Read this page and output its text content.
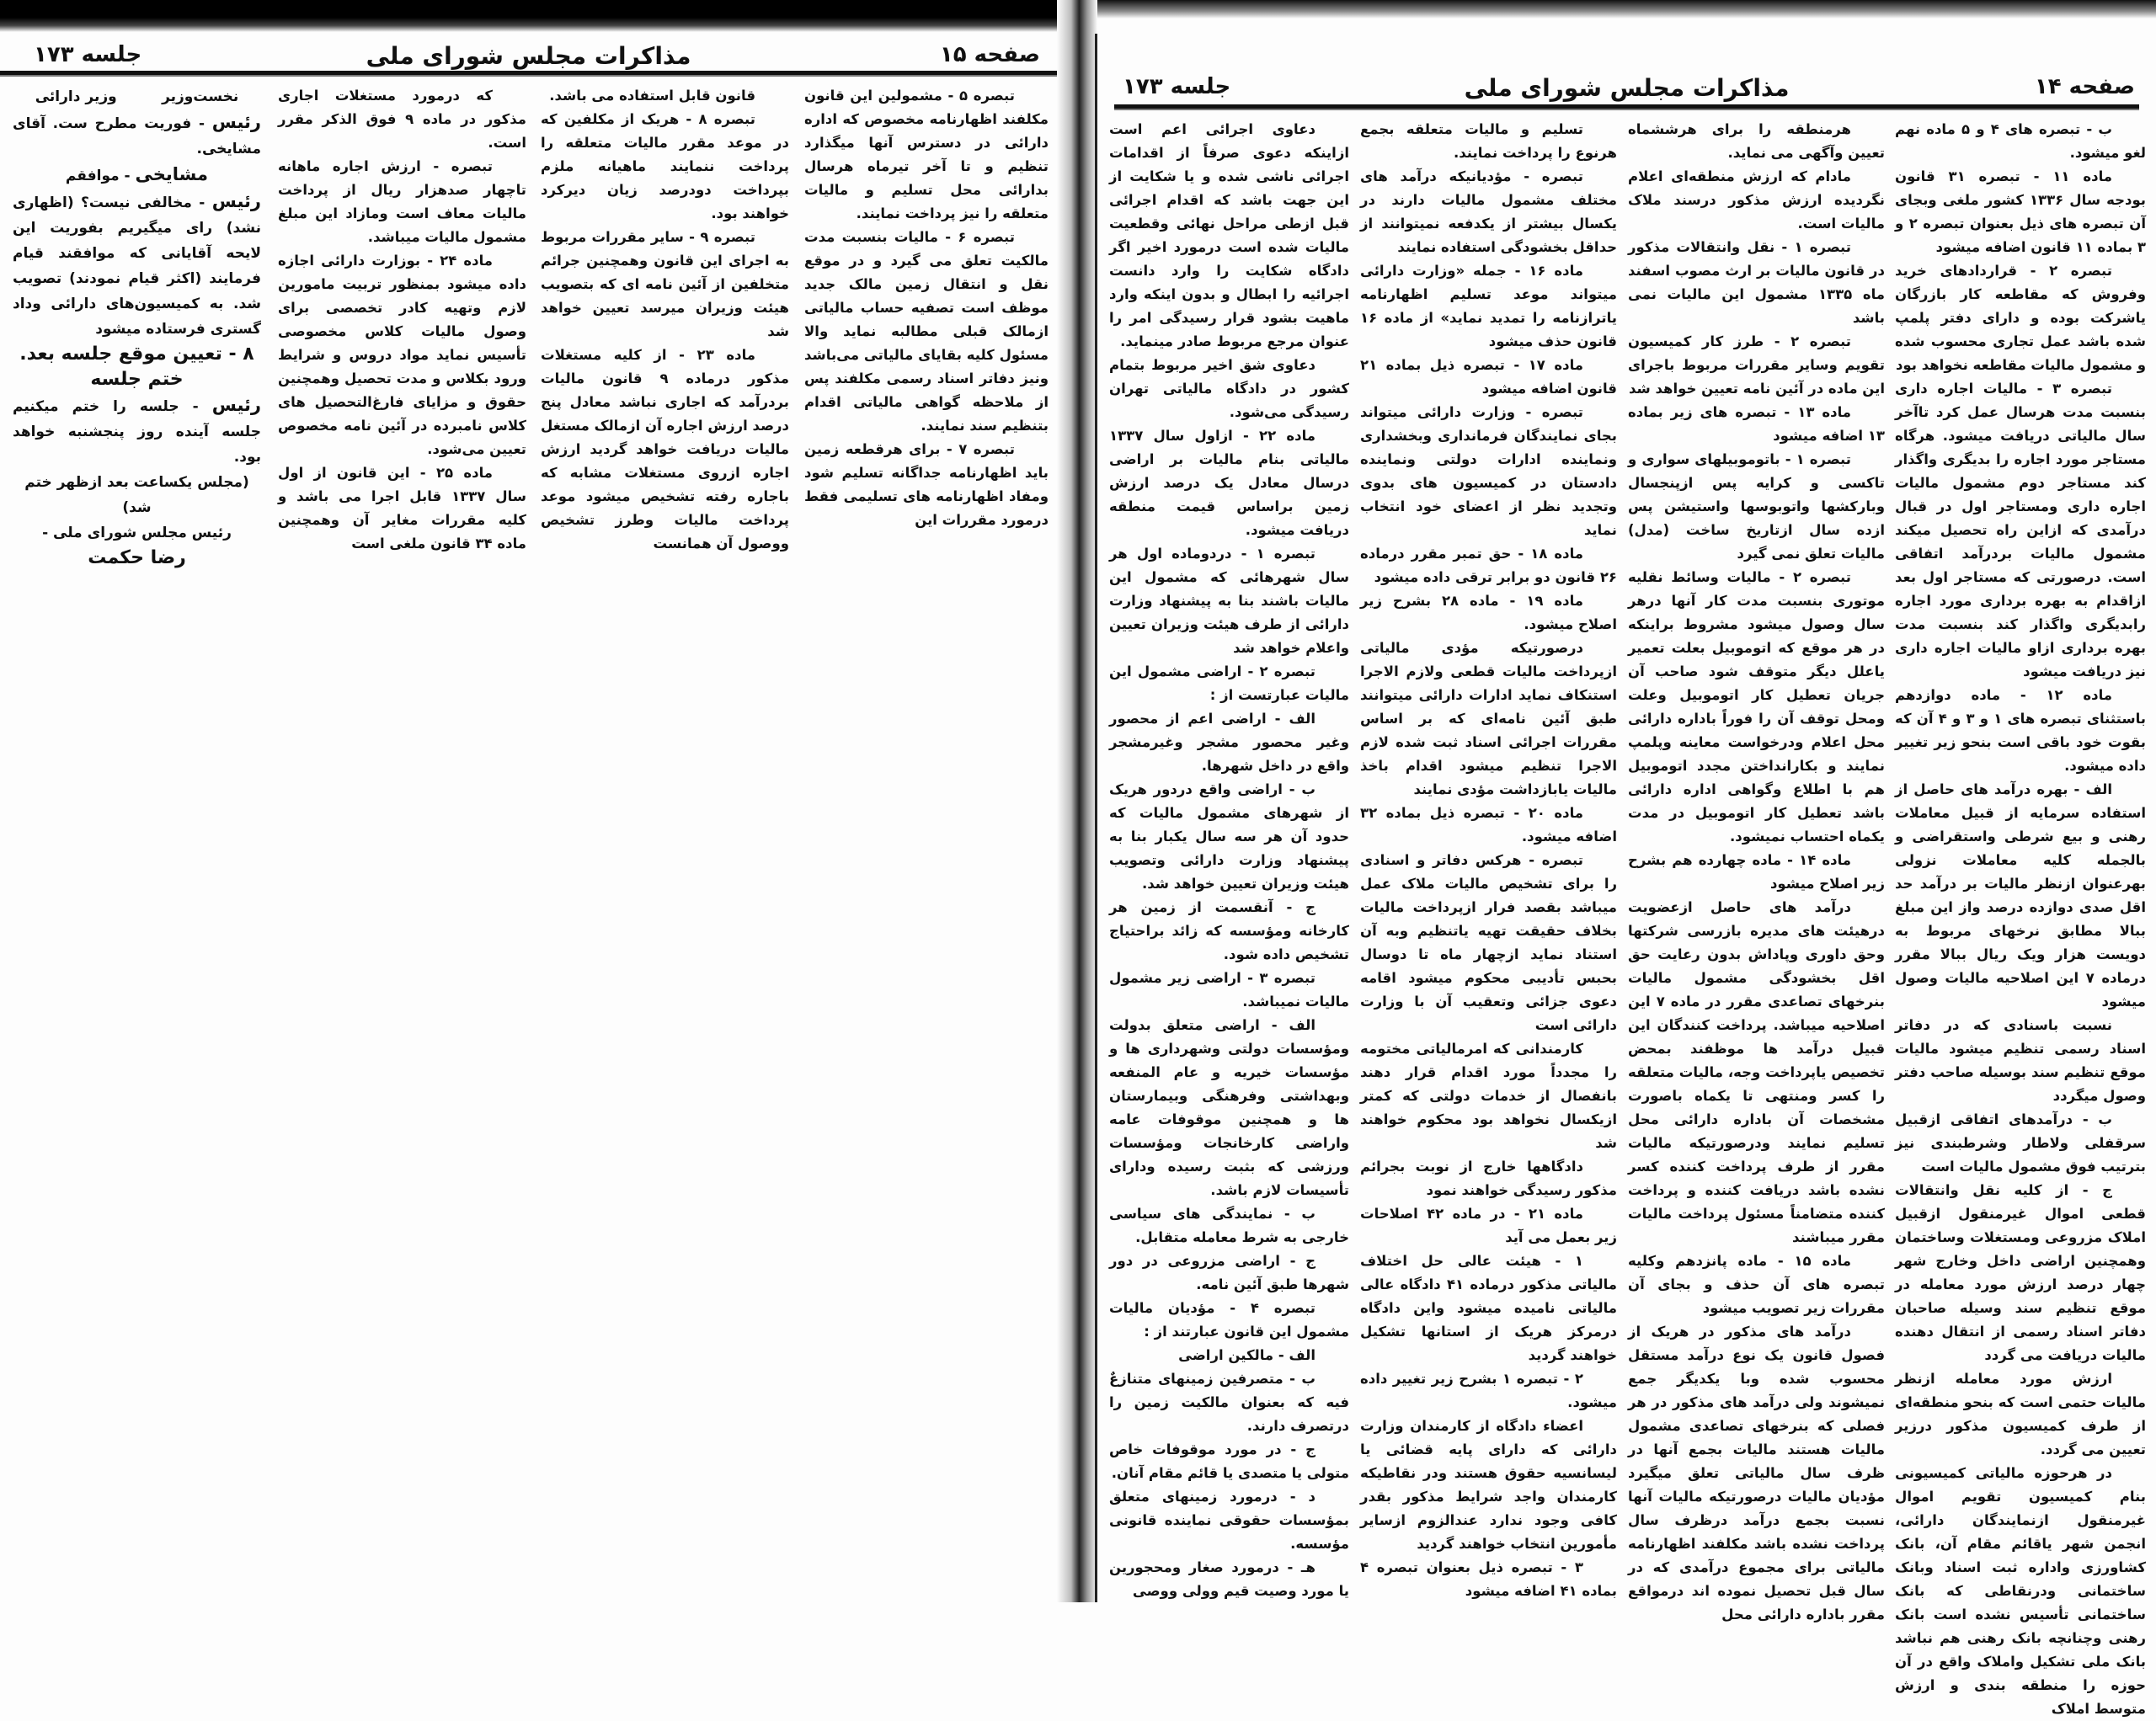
صفحه ۱۵
مذاکرات مجلس شورای ملی
جلسه ۱۷۳

تبصره ۵ - مشمولین این قانون مکلفند اظهارنامه مخصوص که اداره دارائی در دسترس آنها میگذارد تنظیم و تا آخر تیرماه هرسال بدارائی محل تسلیم و مالیات متعلقه را نیز پرداخت نمایند.

تبصره ۶ - مالیات بنسبت مدت مالکیت تعلق می گیرد و در موقع نقل و انتقال زمین مالک جدید موظف است تصفیه حساب مالیاتی ازمالک قبلی مطالبه نماید والا مسئول کلیه بقایای مالیاتی می‌باشد ونیز دفاتر اسناد رسمی مکلفند پس از ملاحظه گواهی مالیاتی اقدام بتنظیم سند نمایند.

تبصره ۷ - برای هرقطعه زمین باید اظهارنامه جداگانه تسلیم شود ومفاد اظهارنامه های تسلیمی فقط درمورد مقررات این

قانون قابل استفاده می باشد.

تبصره ۸ - هریک از مکلفین که در موعد مقرر مالیات متعلقه را پرداخت ننمایند ماهیانه ملزم بپرداخت دودرصد زیان دیرکرد خواهند بود.

تبصره ۹ - سایر مقررات مربوط به اجرای این قانون وهمچنین جرائم متخلفین از آئین نامه ای که بتصویب هیئت وزیران میرسد تعیین خواهد شد

ماده ۲۳ - از کلیه مستغلات مذکور درماده ۹ قانون مالیات بردرآمد که اجاری نباشد معادل پنج درصد ارزش اجاره آن ازمالک مستغل مالیات دریافت خواهد گردید ارزش اجاره ازروی مستغلات مشابه که باجاره رفته تشخیص میشود موعد پرداخت مالیات وطرز تشخیص ووصول آن همانست

که درمورد مستغلات اجاری مذکور در ماده ۹ فوق الذکر مقرر است.

تبصره - ارزش اجاره ماهانه تاچهار صدهزار ریال از پرداخت مالیات معاف است ومازاد این مبلغ مشمول مالیات میباشد.

ماده ۲۴ - بوزارت دارائی اجازه داده میشود بمنظور تربیت مامورین لازم وتهیه کادر تخصصی برای وصول مالیات کلاس مخصوصی تأسیس نماید مواد دروس و شرایط ورود بکلاس و مدت تحصیل وهمچنین حقوق و مزایای فارغ‌التحصیل های کلاس نامبرده در آئین نامه مخصوص تعیین می‌شود.

ماده ۲۵ - این قانون از اول سال ۱۳۳۷ قابل اجرا می باشد و کلیه مقررات مغایر آن وهمچنین ماده ۳۴ قانون ملغی است

نخست‌وزیر
وزیر دارائی

رئیس - فوریت مطرح ست. آقای مشایخی.

مشایخی - موافقم

رئیس - مخالفی نیست؟ (اظهاری نشد) رای میگیریم بفوریت این لایحه آقایانی که موافقند قیام فرمایند (اکثر قیام نمودند) تصویب شد. به کمیسیون‌های دارائی وداد گستری فرستاده میشود

۸ - تعیین موقع جلسه بعد.

ختم جلسه

رئیس - جلسه را ختم میکنیم جلسه آینده روز پنجشنبه خواهد بود.

(مجلس یکساعت بعد ازظهر ختم شد)

رئیس مجلس شورای ملی -

رضا حکمت

صفحه ۱۴
مذاکرات مجلس شورای ملی
جلسه ۱۷۳

ب - تبصره های ۴ و ۵ ماده نهم لغو میشود.

ماده ۱۱ - تبصره ۳۱ قانون بودجه سال ۱۳۳۶ کشور ملغی وبجای آن تبصره های ذیل بعنوان تبصره ۲ و ۳ بماده ۱۱ قانون اضافه میشود

تبصره ۲ - قراردادهای خرید وفروش که مقاطعه کار بازرگان یاشرکت بوده و دارای دفتر پلمپ شده باشد عمل تجاری محسوب شده و مشمول مالیات مقاطعه نخواهد بود

تبصره ۳ - مالیات اجاره داری بنسبت مدت هرسال عمل کرد تاآخر سال مالیاتی دریافت میشود. هرگاه مستاجر مورد اجاره را بدیگری واگذار کند مستاجر دوم مشمول مالیات اجاره داری ومستاجر اول در قبال درآمدی که ازاین راه تحصیل میکند مشمول مالیات بردرآمد اتفاقی است. درصورتی که مستاجر اول بعد ازاقدام به بهره برداری مورد اجاره رابدیگری واگذار کند بنسبت مدت بهره برداری ازاو مالیات اجاره داری نیز دریافت میشود

ماده ۱۲ - ماده دوازدهم باستثنای تبصره های ۱ و ۳ و ۴ آن که بقوت خود باقی است بنحو زیر تغییر داده میشود.

الف - بهره درآمد های حاصل از استفاده سرمایه از قبیل معاملات رهنی و بیع شرطی واستقراضی و بالجمله کلیه معاملات نزولی بهرعنوان ازنظر مالیات بر درآمد حد اقل صدی دوازده درصد واز این مبلغ ببالا مطابق نرخهای مربوط به دویست هزار ویک ریال ببالا مقرر درماده ۷ این اصلاحیه مالیات وصول میشود

نسبت باسنادی که در دفاتر اسناد رسمی تنظیم میشود مالیات موقع تنظیم سند بوسیله صاحب دفتر وصول میگردد

ب - درآمدهای اتفاقی ازقبیل سرقفلی ولاطار وشرطبندی نیز بترتیب فوق مشمول مالیات است

ج - از کلیه نقل وانتقالات قطعی اموال غیرمنقول ازقبیل املاک مزروعی ومستغلات وساختمان وهمچنین اراضی داخل وخارج شهر چهار درصد ارزش مورد معامله در موقع تنظیم سند وسیله صاحبان دفاتر اسناد رسمی از انتقال دهنده مالیات دریافت می گردد

ارزش مورد معامله ازنظر مالیات حتمی است که بنحو منطقه‌ای از طرف کمیسیون مذکور درزیر تعیین می گردد.

در هرحوزه مالیاتی کمیسیونی بنام کمیسیون تقویم اموال غیرمنقول ازنمایندگان دارائی، انجمن شهر یاقائم مقام آن، بانک کشاورزی واداره ثبت اسناد وبانک ساختمانی ودرنقاطی که بانک ساختمانی تأسیس نشده است بانک رهنی وچنانچه بانک رهنی هم نباشد بانک ملی تشکیل واملاک واقع در آن حوزه را منطقه بندی و ارزش متوسط املاک

هرمنطقه را برای هرششماه تعیین وآگهی می نماید.

مادام که ارزش منطقه‌ای اعلام نگردیده ارزش مذکور درسند ملاک مالیات است.

تبصره ۱ - نقل وانتقالات مذکور در قانون مالیات بر ارث مصوب اسفند ماه ۱۳۳۵ مشمول این مالیات نمی باشد

تبصره ۲ - طرز کار کمیسیون تقویم وسایر مقررات مربوط باجرای این ماده در آئین نامه تعیین خواهد شد

ماده ۱۳ - تبصره های زیر بماده ۱۳ اضافه میشود

تبصره ۱ - باتوموبیلهای سواری و تاکسی و کرایه پس ازپنجسال وبارکشها واتوبوسها واستیشن پس ازده سال ازتاریخ ساخت (مدل) مالیات تعلق نمی گیرد

تبصره ۲ - مالیات وسائط نقلیه موتوری بنسبت مدت کار آنها درهر سال وصول میشود مشروط براینکه در هر موقع که اتوموبیل بعلت تعمیر یاعلل دیگر متوقف شود صاحب آن جریان تعطیل کار اتوموبیل وعلت ومحل توقف آن را فوراً باداره دارائی محل اعلام ودرخواست معاینه وپلمپ نمایند و بکارانداختن مجدد اتوموبیل هم با اطلاع وگواهی اداره دارائی باشد تعطیل کار اتوموبیل در مدت یکماه احتساب نمیشود.

ماده ۱۴ - ماده چهارده هم بشرح زیر اصلاح میشود

درآمد های حاصل ازعضویت درهیئت های مدیره بازرسی شرکتها وحق داوری وپاداش بدون رعایت حق اقل بخشودگی مشمول مالیات بنرخهای تصاعدی مقرر در ماده ۷ این اصلاحیه میباشد. پرداخت کنندگان این قبیل درآمد ها موظفند بمحض تخصیص یاپرداخت وجه، مالیات متعلقه را کسر ومنتهی تا یکماه باصورت مشخصات آن باداره دارائی محل تسلیم نمایند ودرصورتیکه مالیات مقرر از طرف پرداخت کننده کسر نشده باشد دریافت کننده و پرداخت کننده متضامناً مسئول پرداخت مالیات مقرر میباشند

ماده ۱۵ - ماده پانزدهم وکلیه تبصره های آن حذف و بجای آن مقررات زیر تصویب میشود

درآمد های مذکور در هریک از فصول قانون یک نوع درآمد مستقل محسوب شده وبا یکدیگر جمع نمیشوند ولی درآمد های مذکور در هر فصلی که بنرخهای تصاعدی مشمول مالیات هستند مالیات بجمع آنها در ظرف سال مالیاتی تعلق میگیرد مؤدیان مالیات درصورتیکه مالیات آنها نسبت بجمع درآمد درظرف سال پرداخت نشده باشد مکلفند اظهارنامه مالیاتی برای مجموع درآمدی که در سال قبل تحصیل نموده اند درمواقع مقرر باداره دارائی محل

تسلیم و مالیات متعلقه بجمع هرنوع را پرداخت نمایند.

تبصره - مؤدیانیکه درآمد های مختلف مشمول مالیات دارند در یکسال بیشتر از یکدفعه نمیتوانند از حداقل بخشودگی استفاده نمایند

ماده ۱۶ - جمله «وزارت دارائی میتواند موعد تسلیم اظهارنامه یاترازنامه را تمدید نماید» از ماده ۱۶ قانون حذف میشود

ماده ۱۷ - تبصره ذیل بماده ۲۱ قانون اضافه میشود

تبصره - وزارت دارائی میتواند بجای نمایندگان فرمانداری وبخشداری ونماینده ادارات دولتی ونماینده دادستان در کمیسیون های بدوی وتجدید نظر از اعضای خود انتخاب نماید

ماده ۱۸ - حق تمبر مقرر درماده ۲۶ قانون دو برابر ترقی داده میشود

ماده ۱۹ - ماده ۲۸ بشرح زیر اصلاح میشود.

درصورتیکه مؤدی مالیاتی ازپرداخت مالیات قطعی ولازم الاجرا استنکاف نماید ادارات دارائی میتوانند طبق آئین نامه‌ای که بر اساس مقررات اجرائی اسناد ثبت شده لازم الاجرا تنظیم میشود اقدام باخذ مالیات یابازداشت مؤدی نمایند

ماده ۲۰ - تبصره ذیل بماده ۳۲ اضافه میشود.

تبصره - هرکس دفاتر و اسنادی را برای تشخیص مالیات ملاک عمل میباشد بقصد فرار ازپرداخت مالیات بخلاف حقیقت تهیه یاتنظیم وبه آن استناد نماید ازچهار ماه تا دوسال بحبس تأدیبی محکوم میشود اقامه دعوی جزائی وتعقیب آن با وزارت دارائی است

کارمندانی که امرمالیاتی مختومه را مجدداً مورد اقدام قرار دهند بانفصال از خدمات دولتی که کمتر ازیکسال نخواهد بود محکوم خواهند شد

دادگاهها خارج از نوبت بجرائم مذکور رسیدگی خواهند نمود

ماده ۲۱ - در ماده ۴۲ اصلاحات زیر بعمل می آید

۱ - هیئت عالی حل اختلاف مالیاتی مذکور درماده ۴۱ دادگاه عالی مالیاتی نامیده میشود واین دادگاه درمرکز هریک از استانها تشکیل خواهند گردید

۲ - تبصره ۱ بشرح زیر تغییر داده میشود.

اعضاء دادگاه از کارمندان وزارت دارائی که دارای پایه قضائی یا لیسانسیه حقوق هستند ودر نقاطیکه کارمندان واجد شرایط مذکور بقدر کافی وجود ندارد عندالزوم ازسایر مأمورین انتخاب خواهند گردید

۳ - تبصره ذیل بعنوان تبصره ۴ بماده ۴۱ اضافه میشود

دعاوی اجرائی اعم است ازاینکه دعوی صرفاً از اقدامات اجرائی ناشی شده و یا شکایت از این جهت باشد که اقدام اجرائی قبل ازطی مراحل نهائی وقطعیت مالیات شده است درمورد اخیر اگر دادگاه شکایت را وارد دانست اجرائیه را ابطال و بدون اینکه وارد ماهیت بشود قرار رسیدگی امر را عنوان مرجع مربوط صادر مینماید.

دعاوی شق اخیر مربوط بتمام کشور در دادگاه مالیاتی تهران رسیدگی می‌شود.

ماده ۲۲ - ازاول سال ۱۳۳۷ مالیاتی بنام مالیات بر اراضی درسال معادل یک درصد ارزش زمین براساس قیمت منطقه دریافت میشود.

تبصره ۱ - دردوماده اول هر سال شهرهائی که مشمول این مالیات باشند بنا به پیشنهاد وزارت دارائی از طرف هیئت وزیران تعیین واعلام خواهد شد

تبصره ۲ - اراضی مشمول این مالیات عبارتست از :

الف - اراضی اعم از محصور وغیر محصور مشجر وغیرمشجر واقع در داخل شهرها.

ب - اراضی واقع دردور هریک از شهرهای مشمول مالیات که حدود آن هر سه سال یکبار بنا به پیشنهاد وزارت دارائی وتصویب هیئت وزیران تعیین خواهد شد.

ج - آنقسمت از زمین هر کارخانه ومؤسسه که زائد براحتیاج تشخیص داده شود.

تبصره ۳ - اراضی زیر مشمول مالیات نمیباشد.

الف - اراضی متعلق بدولت ومؤسسات دولتی وشهرداری ها و مؤسسات خیریه و عام المنفعه وبهداشتی وفرهنگی وبیمارستان ها و همچنین موقوفات عامه واراضی کارخانجات ومؤسسات ورزشی که بثبت رسیده ودارای تأسیسات لازم باشد.

ب - نمایندگی های سیاسی خارجی به شرط معامله متقابل.

ج - اراضی مزروعی در دور شهرها طبق آئین نامه.

تبصره ۴ - مؤدیان مالیات مشمول این قانون عبارتند از :

الف - مالکین اراضی

ب - متصرفین زمینهای متنازعٌ فیه که بعنوان مالکیت زمین را درتصرف دارند.

ج - در مورد موقوفات خاص متولی یا متصدی یا قائم مقام آنان.

د - درمورد زمینهای متعلق بمؤسسات حقوقی نماینده قانونی مؤسسه.

هـ - درمورد صغار ومحجورین یا مورد وصیت قیم وولی ووصی
